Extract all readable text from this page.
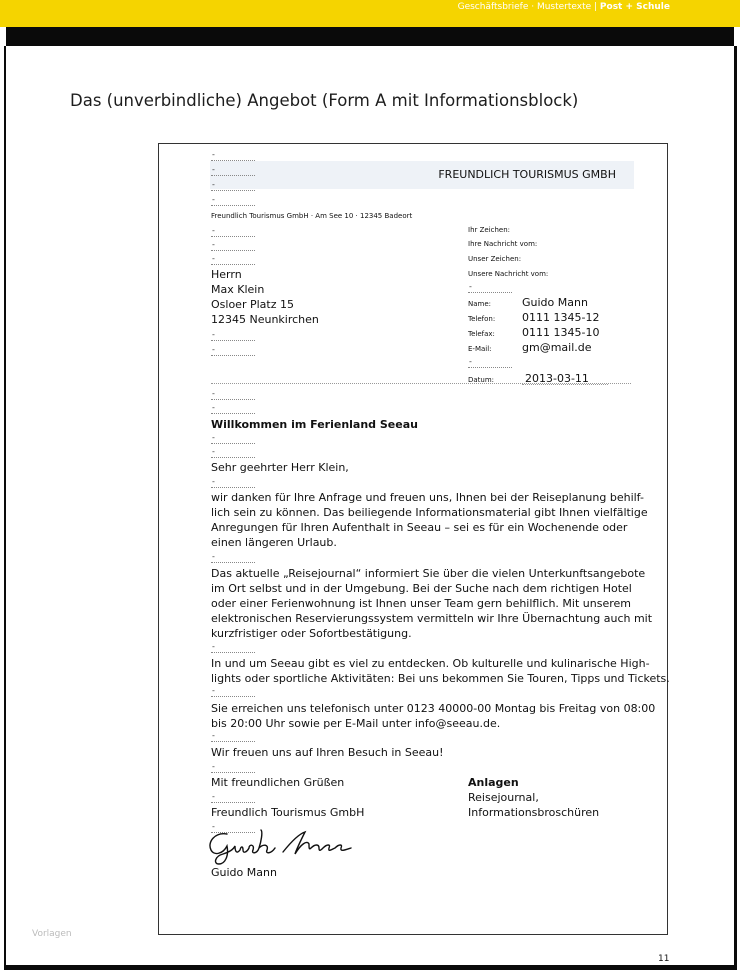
Geschäftsbriefe · Mustertexte | Post + Schule
Das (unverbindliche) Angebot (Form A mit Informationsblock)
FREUNDLICH TOURISMUS GMBH
-
-
-
-
Freundlich Tourismus GmbH · Am See 10 · 12345 Badeort
-
-
-
Herrn
Max Klein
Osloer Platz 15
12345 Neunkirchen
-
-
Ihr Zeichen:
Ihre Nachricht vom:
Unser Zeichen:
Unsere Nachricht vom:
-
Name:	Guido Mann
Telefon: 0111 1345-12
Telefax: 0111 1345-10
E-Mail:	gm@mail.de
-
Datum:	2013-03-11
-
-
Willkommen im Ferienland Seeau
-
-
Sehr geehrter Herr Klein,
-
wir danken für Ihre Anfrage und freuen uns, Ihnen bei der Reiseplanung behilf-
lich sein zu können. Das beiliegende Informationsmaterial gibt Ihnen vielfältige
Anregungen für Ihren Aufenthalt in Seeau – sei es für ein Wochenende oder
einen längeren Urlaub.
-
Das aktuelle „Reisejournal“ informiert Sie über die vielen Unterkunftsangebote
im Ort selbst und in der Umgebung. Bei der Suche nach dem richtigen Hotel
oder einer Ferienwohnung ist Ihnen unser Team gern behilflich. Mit unserem
elektronischen Reservierungssystem vermitteln wir Ihre Übernachtung auch mit
kurzfristiger oder Sofortbestätigung.
-
In und um Seeau gibt es viel zu entdecken. Ob kulturelle und kulinarische High-
lights oder sportliche Aktivitäten: Bei uns bekommen Sie Touren, Tipps und Tickets.
-
Sie erreichen uns telefonisch unter 0123 40000-00 Montag bis Freitag von 08:00
bis 20:00 Uhr sowie per E-Mail unter info@seeau.de.
-
Wir freuen uns auf Ihren Besuch in Seeau!
-
Mit freundlichen Grüßen
-
Freundlich Tourismus GmbH
-
Anlagen
Reisejournal,
Informationsbroschüren
Guido Mann
Vorlagen
11
